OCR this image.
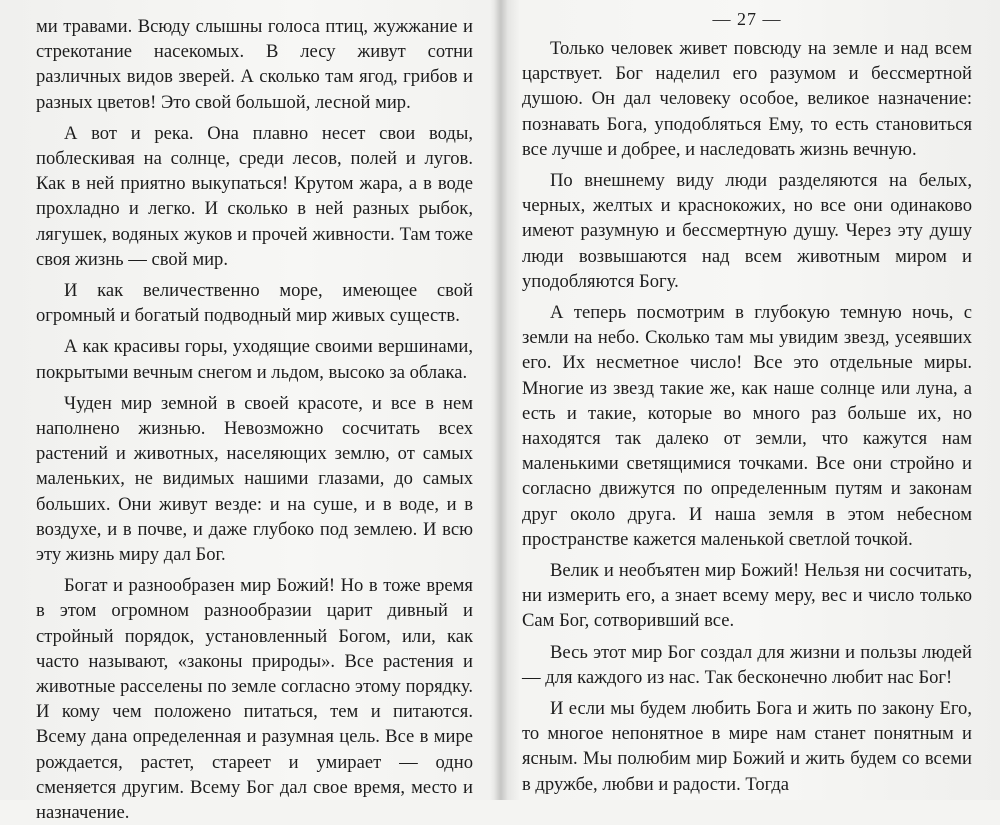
ми травами. Всюду слышны голоса птиц, жужжание и стрекотание насекомых. В лесу живут сотни различных видов зверей. А сколько там ягод, грибов и разных цветов! Это свой большой, лесной мир.

А вот и река. Она плавно несет свои воды, поблескивая на солнце, среди лесов, полей и лугов. Как в ней приятно выкупаться! Крутом жара, а в воде прохладно и легко. И сколько в ней разных рыбок, лягушек, водяных жуков и прочей живности. Там тоже своя жизнь — свой мир.

И как величественно море, имеющее свой огромный и богатый подводный мир живых существ.

А как красивы горы, уходящие своими вершинами, покрытыми вечным снегом и льдом, высоко за облака.

Чуден мир земной в своей красоте, и все в нем наполнено жизнью. Невозможно сосчитать всех растений и животных, населяющих землю, от самых маленьких, не видимых нашими глазами, до самых больших. Они живут везде: и на суше, и в воде, и в воздухе, и в почве, и даже глубоко под землею. И всю эту жизнь миру дал Бог.

Богат и разнообразен мир Божий! Но в тоже время в этом огромном разнообразии царит дивный и стройный порядок, установленный Богом, или, как часто называют, «законы природы». Все растения и животные расселены по земле согласно этому порядку. И кому чем положено питаться, тем и питаются. Всему дана определенная и разумная цель. Все в мире рождается, растет, стареет и умирает — одно сменяется другим. Всему Бог дал свое время, место и назначение.

— 27 —

Только человек живет повсюду на земле и над всем царствует. Бог наделил его разумом и бессмертной душою. Он дал человеку особое, великое назначение: познавать Бога, уподобляться Ему, то есть становиться все лучше и добрее, и наследовать жизнь вечную.

По внешнему виду люди разделяются на белых, черных, желтых и краснокожих, но все они одинаково имеют разумную и бессмертную душу. Через эту душу люди возвышаются над всем животным миром и уподобляются Богу.

А теперь посмотрим в глубокую темную ночь, с земли на небо. Сколько там мы увидим звезд, усеявших его. Их несметное число! Все это отдельные миры. Многие из звезд такие же, как наше солнце или луна, а есть и такие, которые во много раз больше их, но находятся так далеко от земли, что кажутся нам маленькими светящимися точками. Все они стройно и согласно движутся по определенным путям и законам друг около друга. И наша земля в этом небесном пространстве кажется маленькой светлой точкой.

Велик и необъятен мир Божий! Нельзя ни сосчитать, ни измерить его, а знает всему меру, вес и число только Сам Бог, сотворивший все.

Весь этот мир Бог создал для жизни и пользы людей — для каждого из нас. Так бесконечно любит нас Бог!

И если мы будем любить Бога и жить по закону Его, то многое непонятное в мире нам станет понятным и ясным. Мы полюбим мир Божий и жить будем со всеми в дружбе, любви и радости. Тогда
